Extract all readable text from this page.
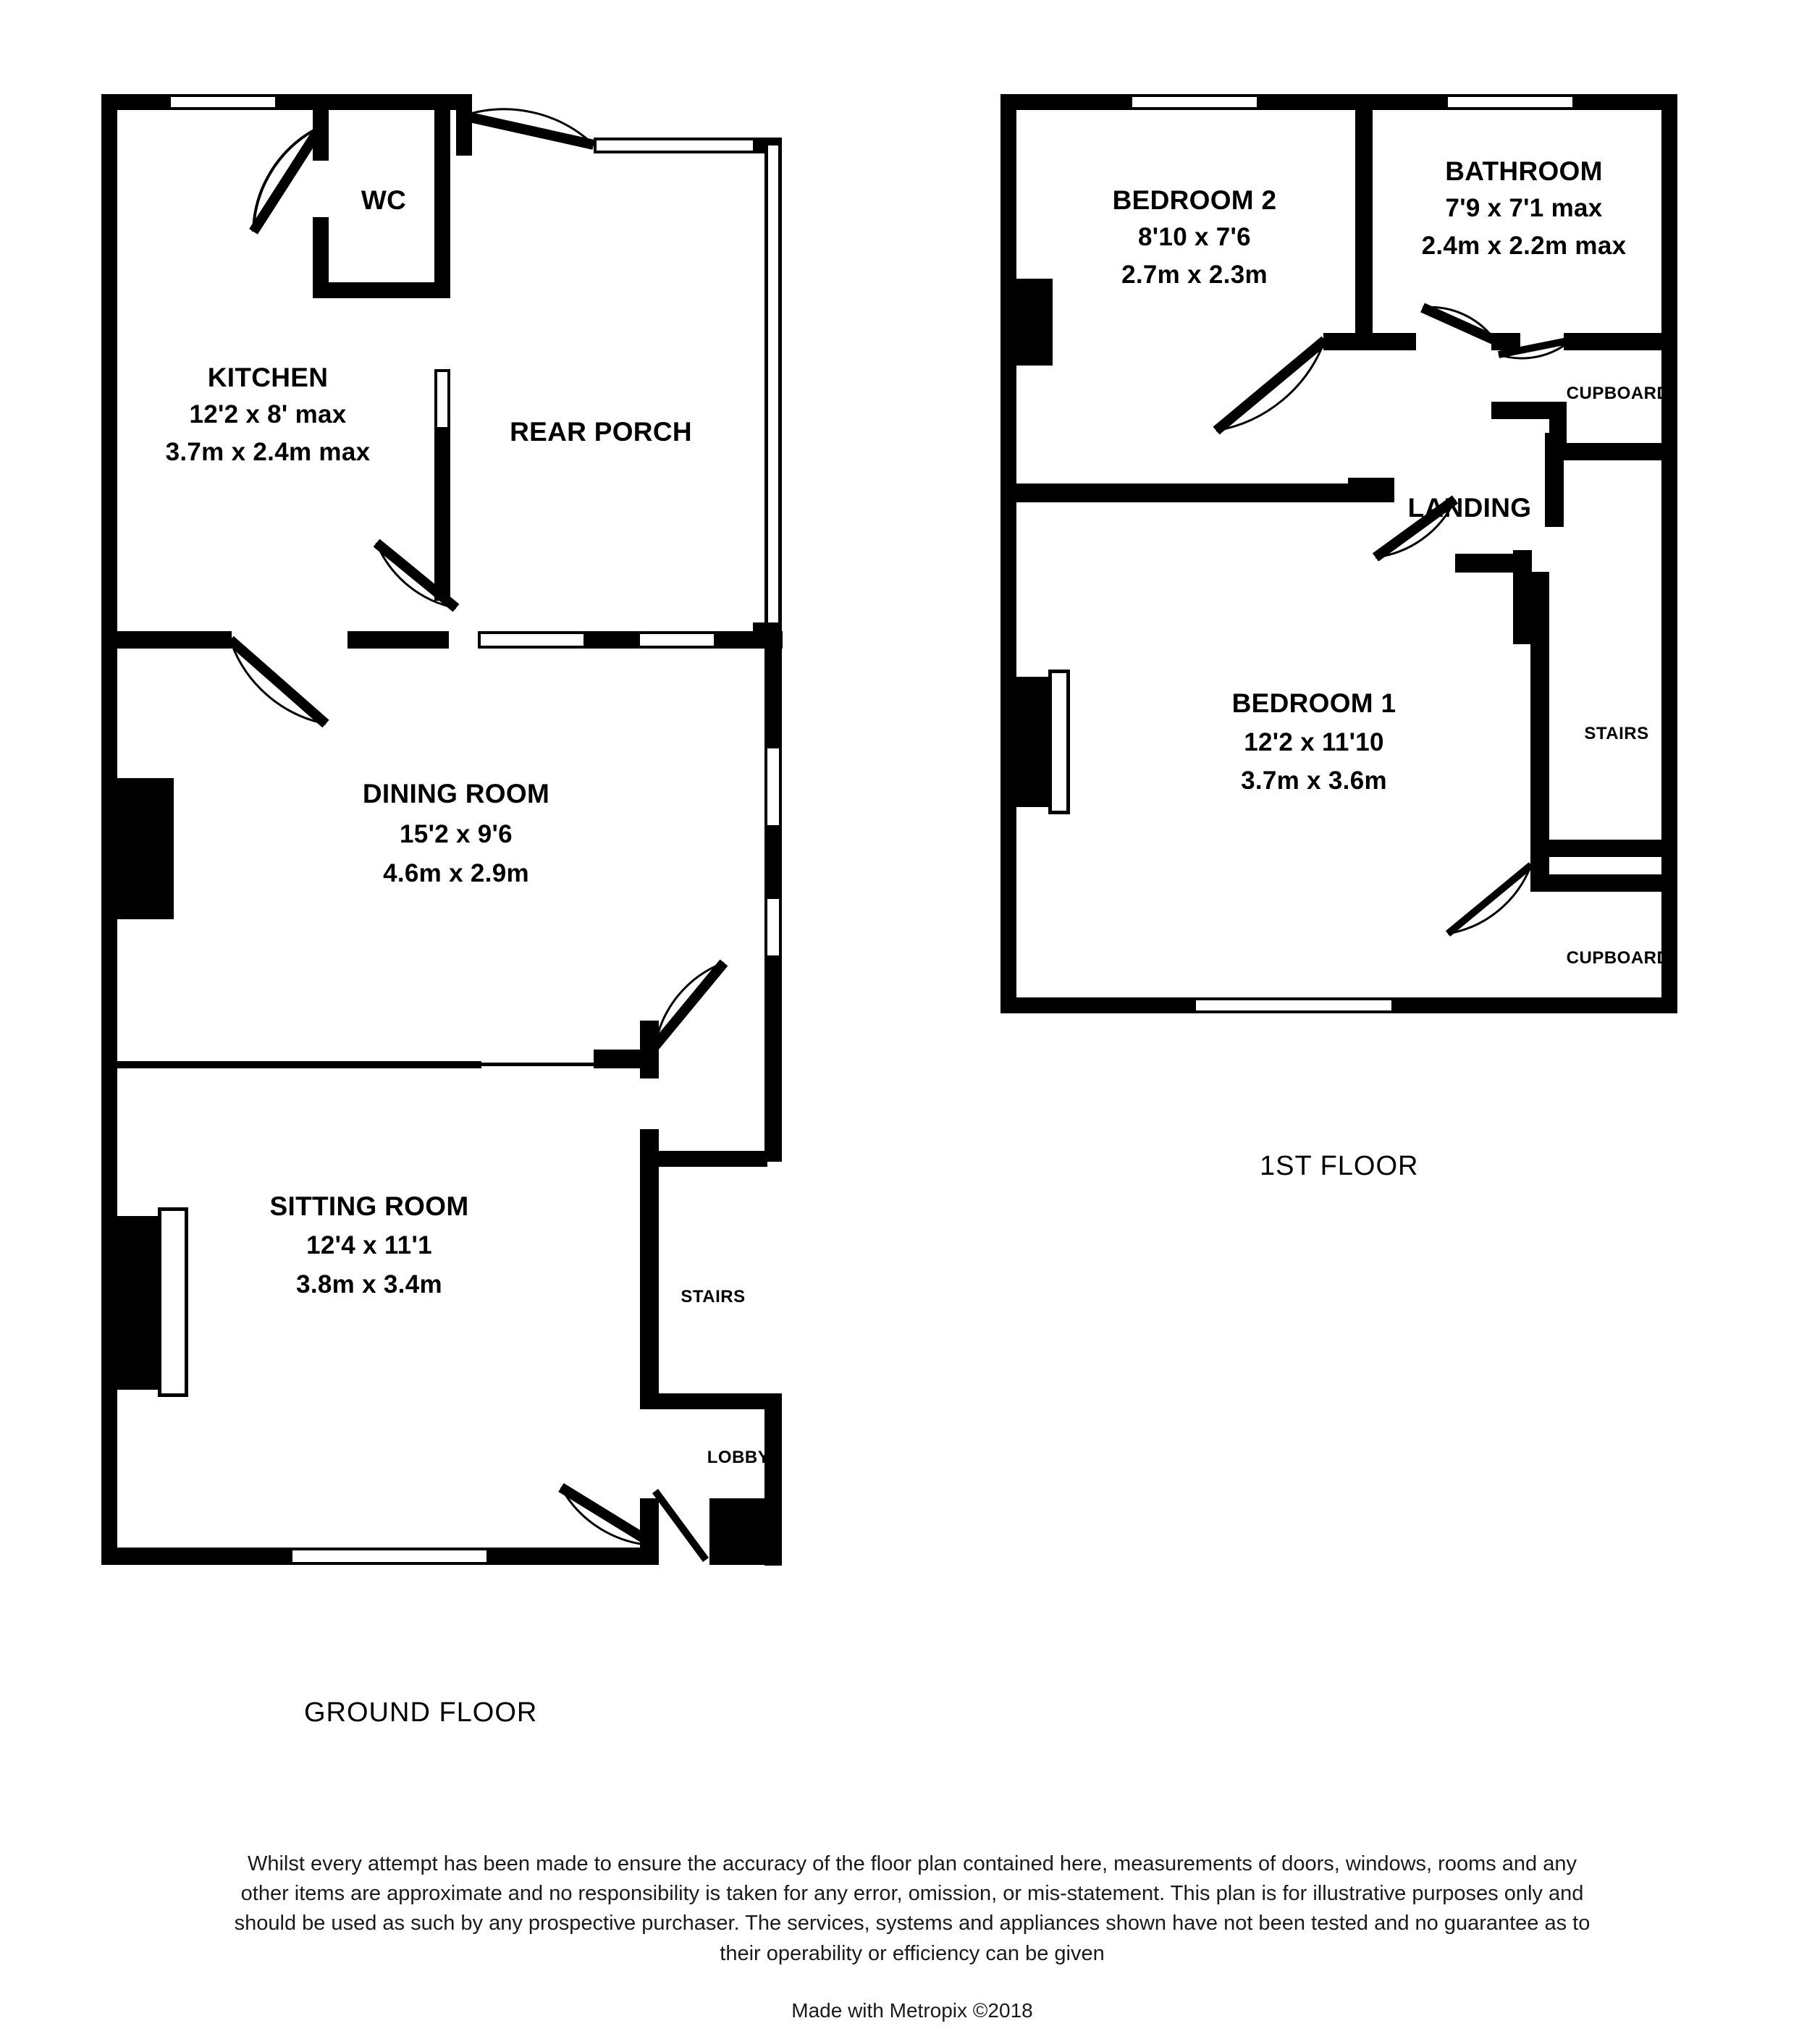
WC
KITCHEN
12'2 x 8' max
3.7m x 2.4m max
REAR PORCH
DINING ROOM
15'2 x 9'6
4.6m x 2.9m
SITTING ROOM
12'4 x 11'1
3.8m x 3.4m	STAIRS
LOBBY
GROUND FLOOR
BEDROOM 2
8'10 x 7'6
2.7m x 2.3m
BATHROOM
7'9 x 7'1 max
2.4m x 2.2m max
BEDROOM 1
12'2 x 11'10
3.7m x 3.6m
LANDING
CUPBOARD
CUPBOARD
STAIRS
1ST FLOOR
Whilst every attempt has been made to ensure the accuracy of the floor plan contained here, measurements of doors, windows, rooms and any other items are approximate and no responsibility is taken for any error, omission, or mis-statement. This plan is for illustrative purposes only and should be used as such by any prospective purchaser. The services, systems and appliances shown have not been tested and no guarantee as to their operability or efficiency can be given
Made with Metropix ©2018
